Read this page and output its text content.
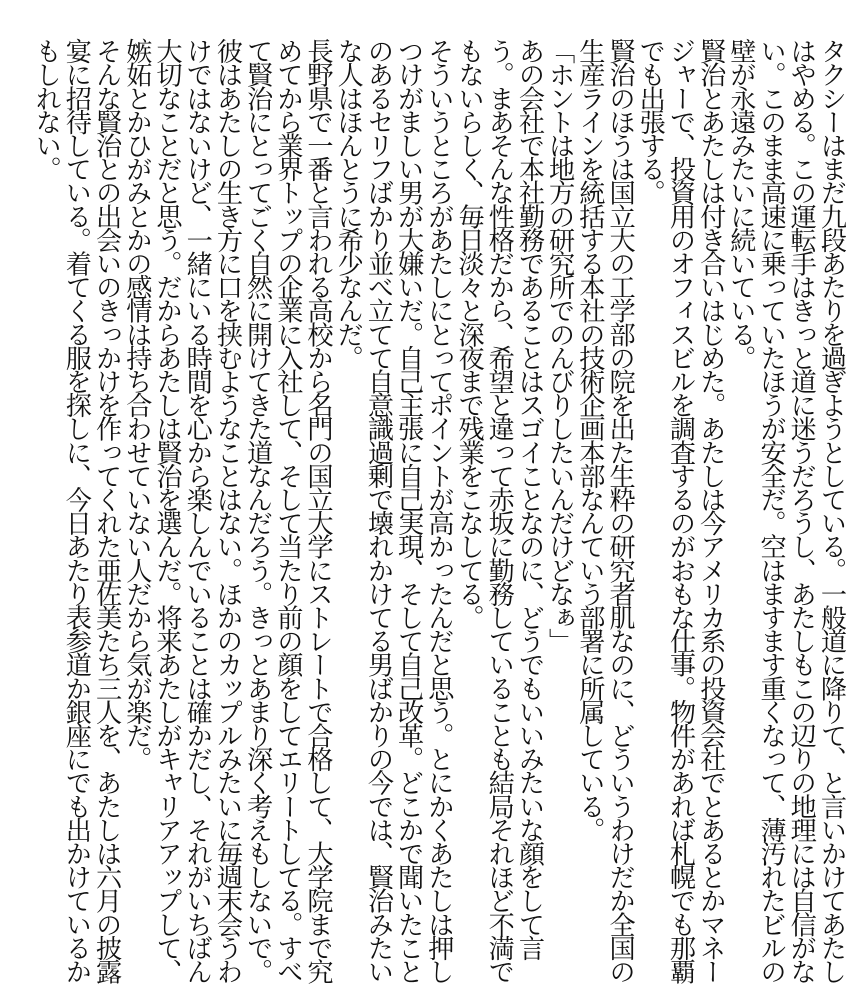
タクシーはまだ九段あたりを過ぎようとしている。一般道に降りて、と言いかけてあたしはやめる。この運転手はきっと道に迷うだろうし、あたしもこの辺りの地理には自信がない。このまま高速に乗っていたほうが安全だ。空はますます重くなって、薄汚れたビルの壁が永遠みたいに続いている。

賢治とあたしは付き合いはじめた。あたしは今アメリカ系の投資会社でとあるとかマネージャーで、投資用のオフィスビルを調査するのがおもな仕事。物件があれば札幌でも那覇でも出張する。

賢治のほうは国立大の工学部の院を出た生粋の研究者肌なのに、どういうわけだか全国の生産ラインを統括する本社の技術企画本部なんていう部署に所属している。

「ホントは地方の研究所でのんびりしたいんだけどなぁ」

あの会社で本社勤務であることはスゴイことなのに、どうでもいいみたいな顔をして言う。まあそんな性格だから、希望と違って赤坂に勤務していることも結局それほど不満でもないらしく、毎日淡々と深夜まで残業をこなしてる。

そういうところがあたしにとってポイントが高かったんだと思う。とにかくあたしは押しつけがましい男が大嫌いだ。自己主張に自己実現、そして自己改革。どこかで聞いたことのあるセリフばかり並べ立てて自意識過剰で壊れかけてる男ばかりの今では、賢治みたいな人はほんとうに希少なんだ。

長野県で一番と言われる高校から名門の国立大学にストレートで合格して、大学院まで究めてから業界トップの企業に入社して、そして当たり前の顔をしてエリートしてる。すべて賢治にとってごく自然に開けてきた道なんだろう。きっとあまり深く考えもしないで。

彼はあたしの生き方に口を挟むようなことはない。ほかのカップルみたいに毎週末会うわけではないけど、一緒にいる時間を心から楽しんでいることは確かだし、それがいちばん大切なことだと思う。だからあたしは賢治を選んだ。将来あたしがキャリアアップして、嫉妬とかひがみとかの感情は持ち合わせていない人だから気が楽だ。

そんな賢治との出会いのきっかけを作ってくれた亜佐美たち三人を、あたしは六月の披露宴に招待している。着てくる服を探しに、今日あたり表参道か銀座にでも出かけているかもしれない。
